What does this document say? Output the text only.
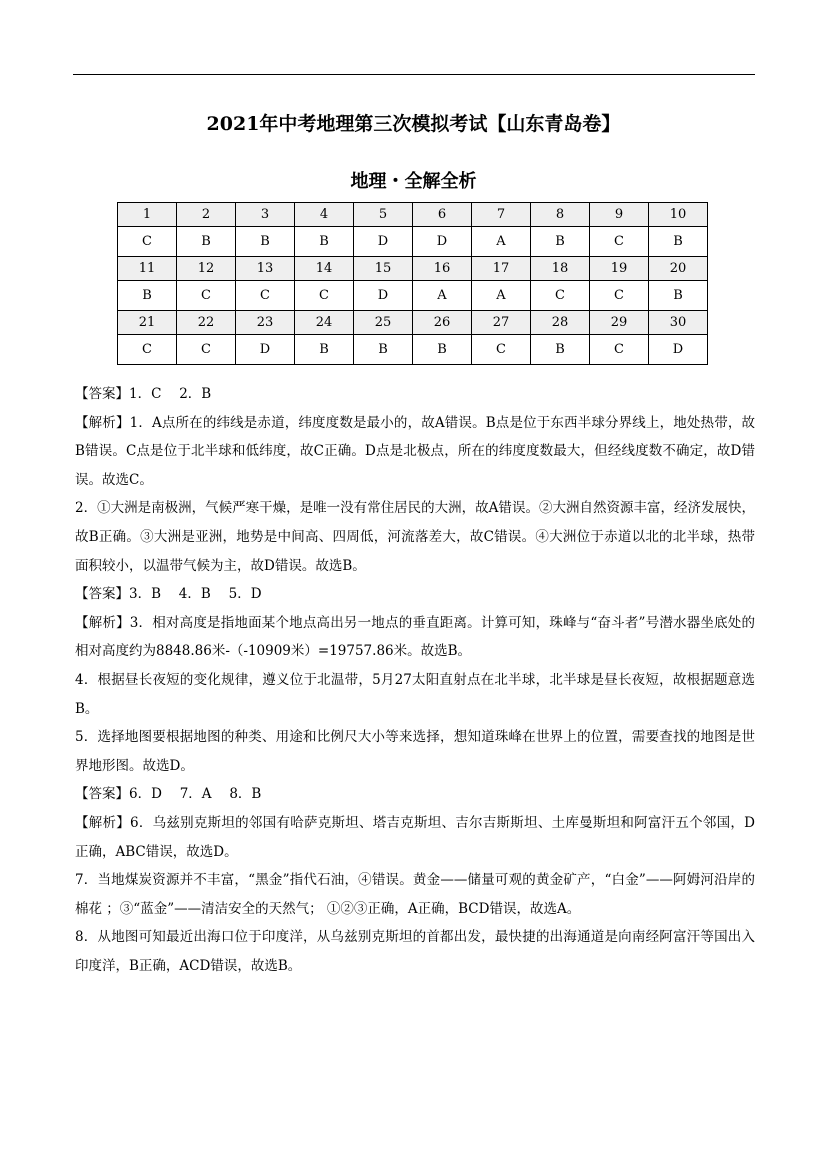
2021年中考地理第三次模拟考试【山东青岛卷】
地理・全解全析
1	2	3	4	5	6	7	8	9	10
C	B	B	B	D	D	A	B	C	B
11	12	13	14	15	16	17	18	19	20
B	C	C	C	D	A	A	C	C	B
21	22	23	24	25	26	27	28	29	30
C	C	D	B	B	B	C	B	C	D

【答案】1．C　 2．B

【解析】1．A点所在的纬线是赤道，纬度度数是最小的，故A错误。B点是位于东西半球分界线上，地处热带，故B错误。C点是位于北半球和低纬度，故C正确。D点是北极点，所在的纬度度数最大，但经线度数不确定，故D错误。故选C。

2．①大洲是南极洲，气候严寒干燥，是唯一没有常住居民的大洲，故A错误。②大洲自然资源丰富，经济发展快，故B正确。③大洲是亚洲，地势是中间高、四周低，河流落差大，故C错误。④大洲位于赤道以北的北半球，热带面积较小，以温带气候为主，故D错误。故选B。

【答案】3．B　 4．B　 5．D

【解析】3．相对高度是指地面某个地点高出另一地点的垂直距离。计算可知，珠峰与“奋斗者”号潜水器坐底处的相对高度约为8848.86米-（-10909米）=19757.86米。故选B。

4．根据昼长夜短的变化规律，遵义位于北温带，5月27太阳直射点在北半球，北半球是昼长夜短，故根据题意选B。

5．选择地图要根据地图的种类、用途和比例尺大小等来选择，想知道珠峰在世界上的位置，需要查找的地图是世界地形图。故选D。

【答案】6．D　 7．A　 8．B

【解析】6．乌兹别克斯坦的邻国有哈萨克斯坦、塔吉克斯坦、吉尔吉斯斯坦、土库曼斯坦和阿富汗五个邻国，D正确，ABC错误，故选D。

7．当地煤炭资源并不丰富，“黑金”指代石油，④错误。黄金——储量可观的黄金矿产，“白金”——阿姆河沿岸的棉花 ；③“蓝金”——清洁安全的天然气； ①②③正确，A正确，BCD错误，故选A。

8．从地图可知最近出海口位于印度洋，从乌兹别克斯坦的首都出发，最快捷的出海通道是向南经阿富汗等国出入印度洋，B正确，ACD错误，故选B。
